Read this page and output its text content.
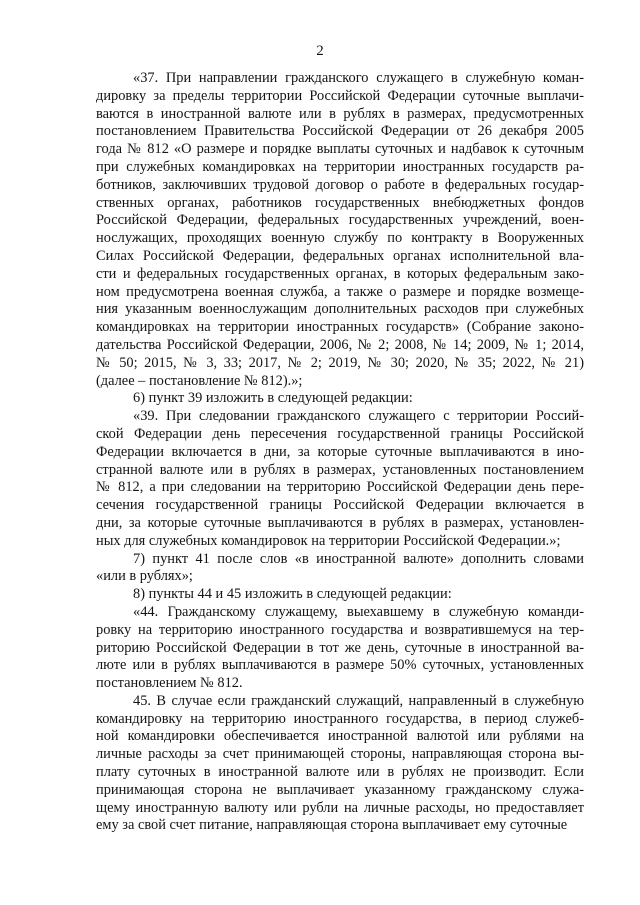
2

«37. При направлении гражданского служащего в служебную коман-
дировку за пределы территории Российской Федерации суточные выплачи-
ваются в иностранной валюте или в рублях в размерах, предусмотренных
постановлением Правительства Российской Федерации от 26 декабря 2005
года № 812 «О размере и порядке выплаты суточных и надбавок к суточным
при служебных командировках на территории иностранных государств ра-
ботников, заключивших трудовой договор о работе в федеральных государ-
ственных органах, работников государственных внебюджетных фондов
Российской Федерации, федеральных государственных учреждений, воен-
нослужащих, проходящих военную службу по контракту в Вооруженных
Силах Российской Федерации, федеральных органах исполнительной вла-
сти и федеральных государственных органах, в которых федеральным зако-
ном предусмотрена военная служба, а также о размере и порядке возмеще-
ния указанным военнослужащим дополнительных расходов при служебных
командировках на территории иностранных государств» (Собрание законо-
дательства Российской Федерации, 2006, № 2; 2008, № 14; 2009, № 1; 2014,
№ 50; 2015, № 3, 33; 2017, № 2; 2019, № 30; 2020, № 35; 2022, № 21)
(далее – постановление № 812).»;

6) пункт 39 изложить в следующей редакции:

«39. При следовании гражданского служащего с территории Россий-
ской Федерации день пересечения государственной границы Российской
Федерации включается в дни, за которые суточные выплачиваются в ино-
странной валюте или в рублях в размерах, установленных постановлением
№ 812, а при следовании на территорию Российской Федерации день пере-
сечения государственной границы Российской Федерации включается в
дни, за которые суточные выплачиваются в рублях в размерах, установлен-
ных для служебных командировок на территории Российской Федерации.»;

7) пункт 41 после слов «в иностранной валюте» дополнить словами
«или в рублях»;

8) пункты 44 и 45 изложить в следующей редакции:

«44. Гражданскому служащему, выехавшему в служебную команди-
ровку на территорию иностранного государства и возвратившемуся на тер-
риторию Российской Федерации в тот же день, суточные в иностранной ва-
люте или в рублях выплачиваются в размере 50% суточных, установленных
постановлением № 812.

45. В случае если гражданский служащий, направленный в служебную
командировку на территорию иностранного государства, в период служеб-
ной командировки обеспечивается иностранной валютой или рублями на
личные расходы за счет принимающей стороны, направляющая сторона вы-
плату суточных в иностранной валюте или в рублях не производит. Если
принимающая сторона не выплачивает указанному гражданскому служа-
щему иностранную валюту или рубли на личные расходы, но предоставляет
ему за свой счет питание, направляющая сторона выплачивает ему суточные
